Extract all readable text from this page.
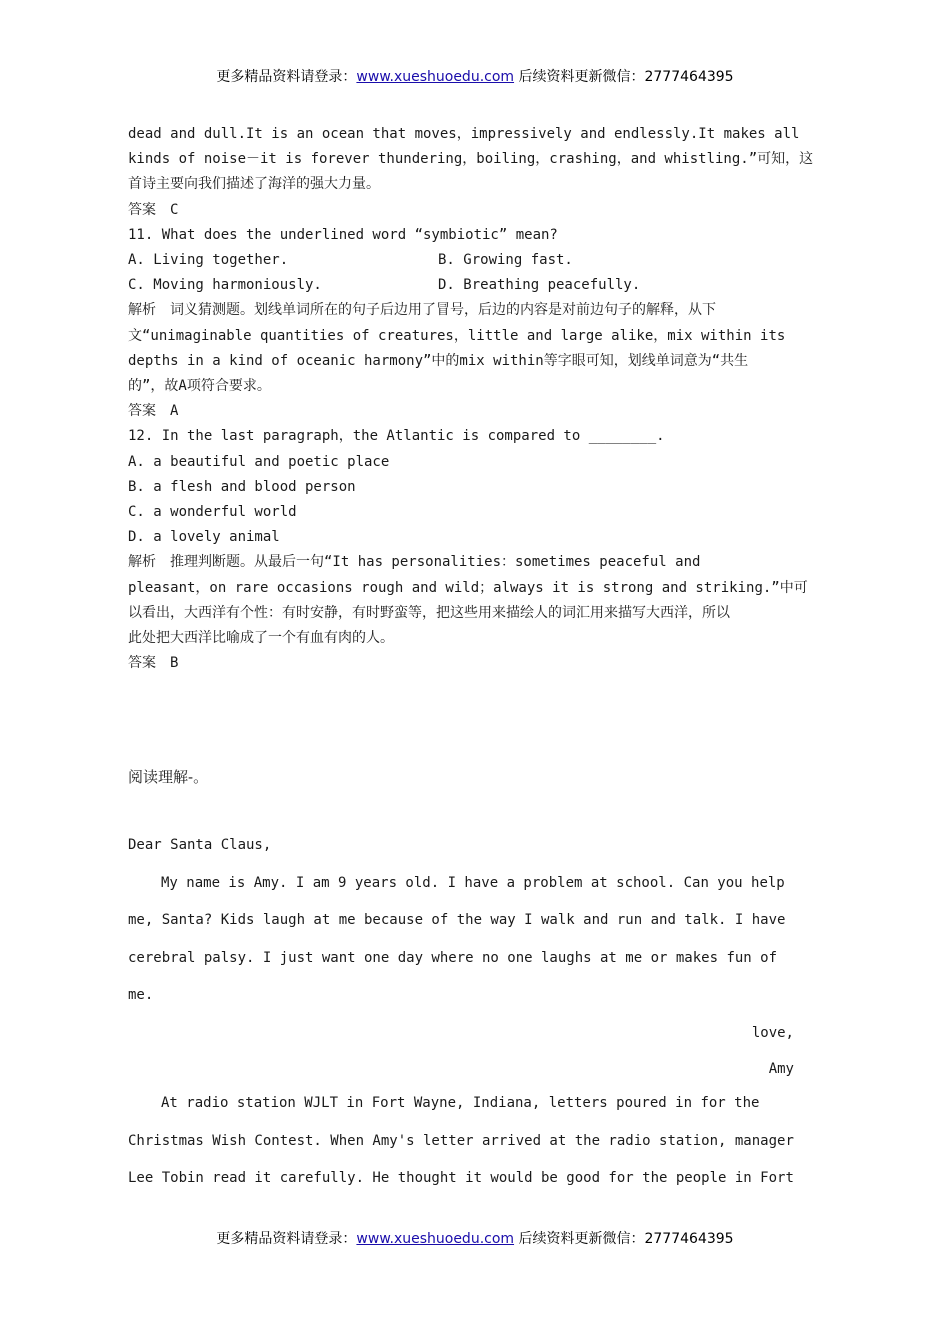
更多精品资料请登录：www.xueshuoedu.com 后续资料更新微信：2777464395

dead and dull.It is an ocean that moves，impressively and endlessly.It makes all

kinds of noise－it is forever thundering，boiling，crashing，and whistling.”可知，这

首诗主要向我们描述了海洋的强大力量。

答案　C

11. What does the underlined word “symbiotic” mean?

A. Living together.	B. Growing fast.
C. Moving harmoniously.	D. Breathing peacefully.

解析　词义猜测题。划线单词所在的句子后边用了冒号，后边的内容是对前边句子的解释，从下

文“unimaginable quantities of creatures，little and large alike，mix within its

depths in a kind of oceanic harmony”中的mix within等字眼可知，划线单词意为“共生

的”，故A项符合要求。

答案　A

12. In the last paragraph，the Atlantic is compared to ________.

A. a beautiful and poetic place

B. a flesh and blood person

C. a wonderful world

D. a lovely animal

解析　推理判断题。从最后一句“It has personalities：sometimes peaceful and

pleasant，on rare occasions rough and wild；always it is strong and striking.”中可

以看出，大西洋有个性：有时安静，有时野蛮等，把这些用来描绘人的词汇用来描写大西洋，所以

此处把大西洋比喻成了一个有血有肉的人。

答案　B

阅读理解-。

Dear Santa Claus,

My name is Amy. I am 9 years old. I have a problem at school. Can you help

me, Santa? Kids laugh at me because of the way I walk and run and talk. I have

cerebral palsy. I just want one day where no one laughs at me or makes fun of me.

love,

Amy

At radio station WJLT in Fort Wayne, Indiana, letters poured in for the

Christmas Wish Contest. When Amy's letter arrived at the radio station, manager

Lee Tobin read it carefully. He thought it would be good for the people in Fort

更多精品资料请登录：www.xueshuoedu.com 后续资料更新微信：2777464395
